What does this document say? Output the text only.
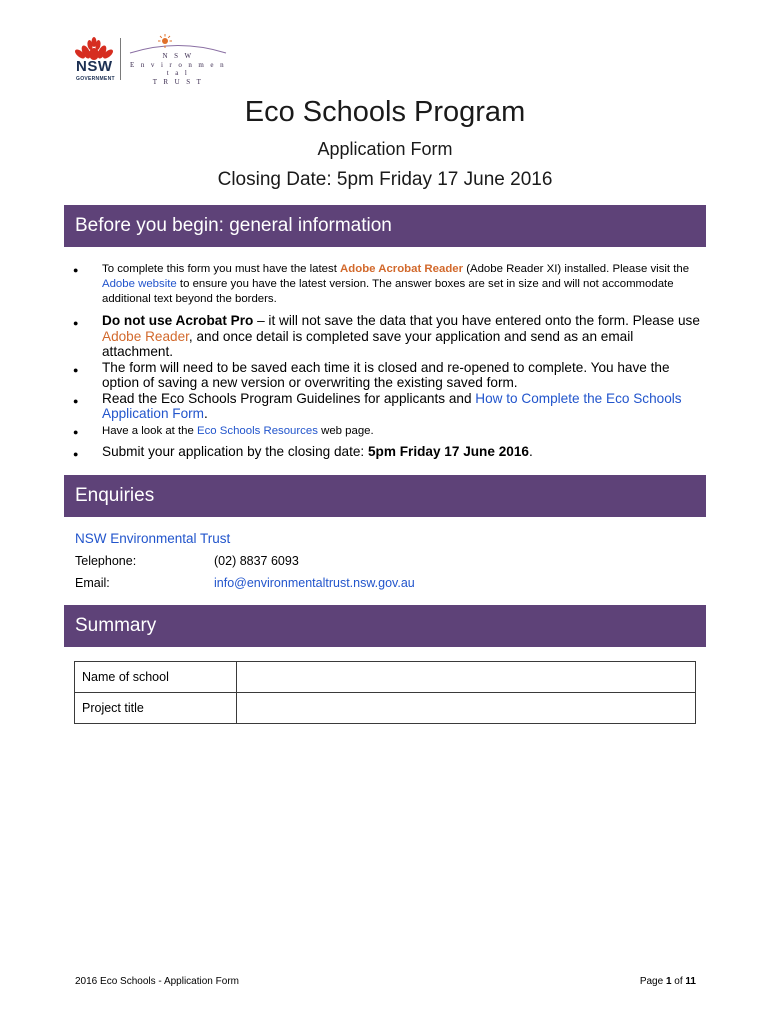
NSW
GOVERNMENT
N S W
E n v i r o n m e n t a l
T R U S T
Eco Schools Program
Application Form
Closing Date: 5pm Friday 17 June 2016
Before you begin: general information
● To complete this form you must have the latest Adobe Acrobat Reader (Adobe Reader XI) installed. Please visit the Adobe website to ensure you have the latest version. The answer boxes are set in size and will not accommodate additional text beyond the borders.
● Do not use Acrobat Pro – it will not save the data that you have entered onto the form. Please use Adobe Reader, and once detail is completed save your application and send as an email attachment.
● The form will need to be saved each time it is closed and re-opened to complete. You have the option of saving a new version or overwriting the existing saved form.
● Read the Eco Schools Program Guidelines for applicants and How to Complete the Eco Schools Application Form.
● Have a look at the Eco Schools Resources web page.
● Submit your application by the closing date: 5pm Friday 17 June 2016.
Enquiries
NSW Environmental Trust
Telephone:	(02) 8837 6093
Email:	info@environmentaltrust.nsw.gov.au
Summary
Name of school	
Project title	
2016 Eco Schools - Application Form	Page 1 of 11
